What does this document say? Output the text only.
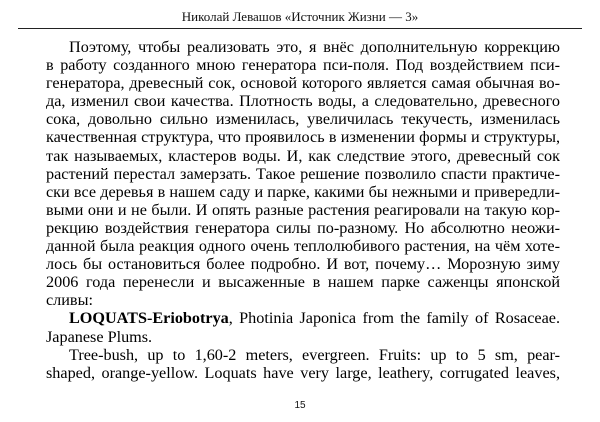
Николай Левашов «Источник Жизни — 3»
Поэтому, чтобы реализовать это, я внёс дополнительную коррекцию
в работу созданного мною генератора пси-поля. Под воздействием пси-
генератора, древесный сок, основой которого является самая обычная во-
да, изменил свои качества. Плотность воды, а следовательно, древесного
сока, довольно сильно изменилась, увеличилась текучесть, изменилась
качественная структура, что проявилось в изменении формы и структуры,
так называемых, кластеров воды. И, как следствие этого, древесный сок
растений перестал замерзать. Такое решение позволило спасти практиче-
ски все деревья в нашем саду и парке, какими бы нежными и привередли-
выми они и не были. И опять разные растения реагировали на такую кор-
рекцию воздействия генератора силы по-разному. Но абсолютно неожи-
данной была реакция одного очень теплолюбивого растения, на чём хоте-
лось бы остановиться более подробно. И вот, почему… Морозную зиму
2006 года перенесли и высаженные в нашем парке саженцы японской
сливы:
LOQUATS-Eriobotrya, Photinia Japonica from the family of Rosaceae.
Japanese Plums.
Tree-bush, up to 1,60-2 meters, evergreen. Fruits: up to 5 sm, pear-
shaped, orange-yellow. Loquats have very large, leathery, corrugated leaves,
15
